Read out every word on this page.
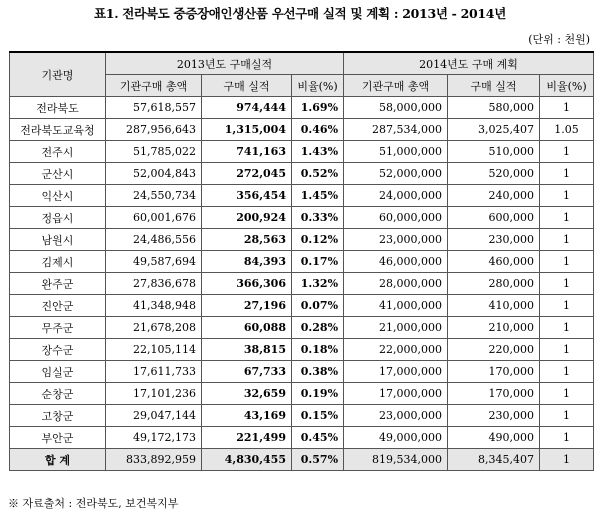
표1. 전라북도 중증장애인생산품 우선구매 실적 및 계획 : 2013년 - 2014년
(단위 : 천원)
기관명	2013년도 구매실적			2014년도 구매 계획		
	기관구매 총액	구매 실적	비율(%)	기관구매 총액	구매 실적	비율(%)
전라북도	57,618,557	974,444	1.69%	58,000,000	580,000	1
전라북도교육청	287,956,643	1,315,004	0.46%	287,534,000	3,025,407	1.05
전주시	51,785,022	741,163	1.43%	51,000,000	510,000	1
군산시	52,004,843	272,045	0.52%	52,000,000	520,000	1
익산시	24,550,734	356,454	1.45%	24,000,000	240,000	1
정읍시	60,001,676	200,924	0.33%	60,000,000	600,000	1
남원시	24,486,556	28,563	0.12%	23,000,000	230,000	1
김제시	49,587,694	84,393	0.17%	46,000,000	460,000	1
완주군	27,836,678	366,306	1.32%	28,000,000	280,000	1
진안군	41,348,948	27,196	0.07%	41,000,000	410,000	1
무주군	21,678,208	60,088	0.28%	21,000,000	210,000	1
장수군	22,105,114	38,815	0.18%	22,000,000	220,000	1
임실군	17,611,733	67,733	0.38%	17,000,000	170,000	1
순창군	17,101,236	32,659	0.19%	17,000,000	170,000	1
고창군	29,047,144	43,169	0.15%	23,000,000	230,000	1
부안군	49,172,173	221,499	0.45%	49,000,000	490,000	1
합 계	833,892,959	4,830,455	0.57%	819,534,000	8,345,407	1
※ 자료출처 : 전라북도, 보건복지부
